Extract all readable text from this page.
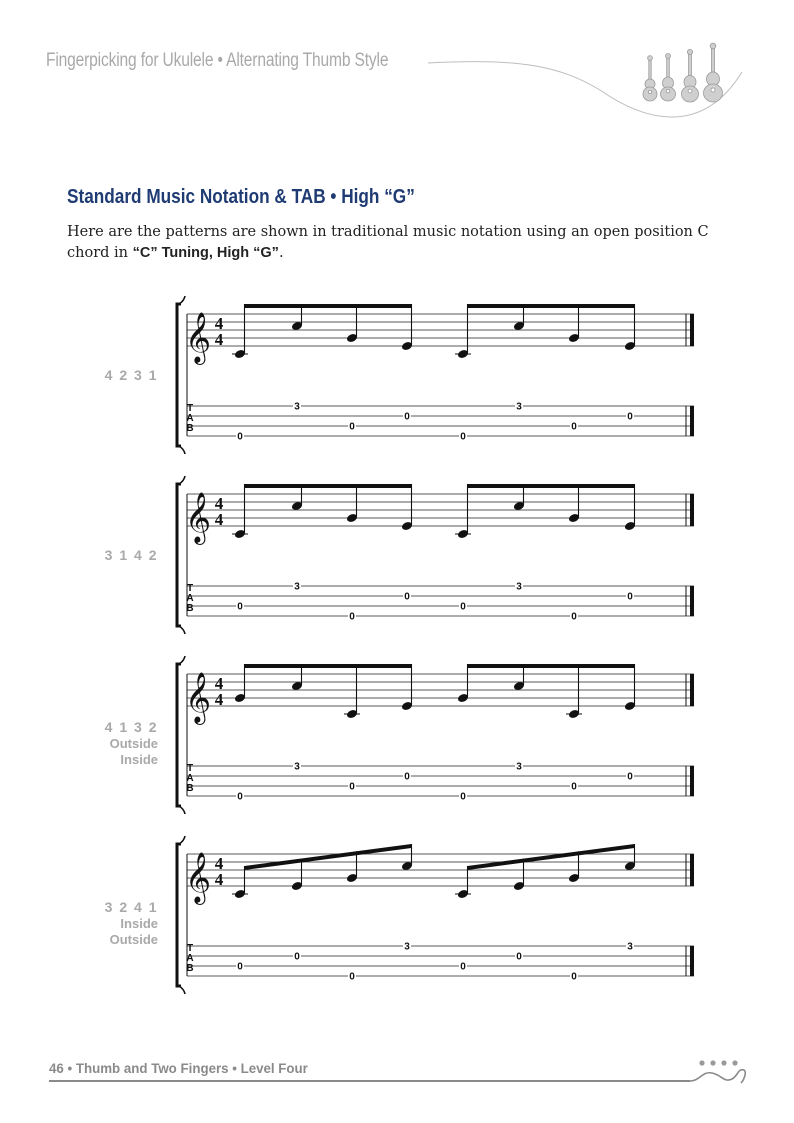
Fingerpicking for Ukulele • Alternating Thumb Style
Standard Music Notation & TAB • High “G”

Here are the patterns are shown in traditional music notation using an open position C chord in “C” Tuning, High “G”.

𝄞 4
4
T
A
B
0
3
0
0
0
3
0
0
4 2 3 1
𝄞 4
4
T
A
B	0
3
0
0
0
3
0
0
3 1 4 2
𝄞 4
4
T
A
B
0
3
0
0
0
3
0
0
4 1 3 2
Outside
Inside
𝄞 4
4
T
A
B	0
0
0
3
0
0
0
3
3 2 4 1
Inside
Outside
46 • Thumb and Two Fingers • Level Four
